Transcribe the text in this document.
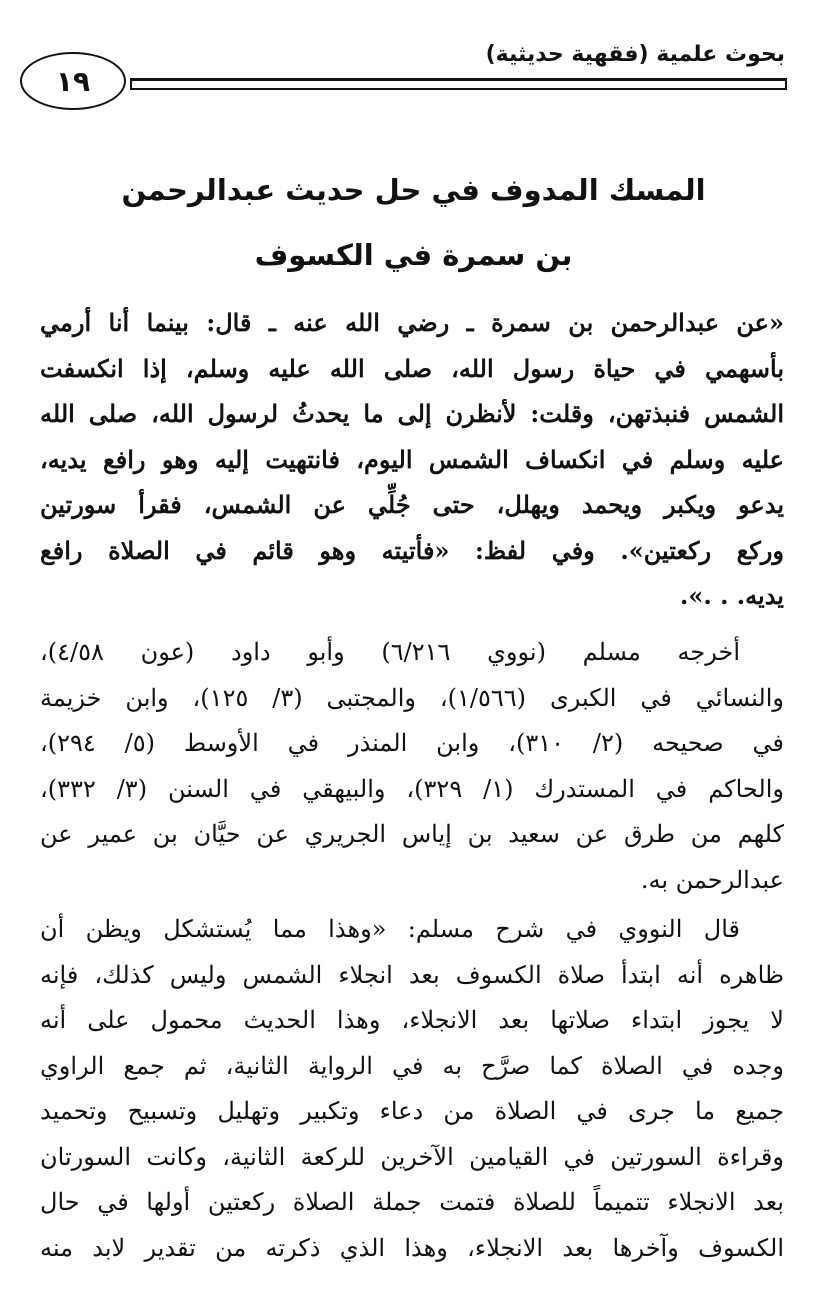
بحوث علمية (فقهية حديثية)
١٩
المسك المدوف في حل حديث عبدالرحمن
بن سمرة في الكسوف
«عن عبدالرحمن بن سمرة ـ رضي الله عنه ـ قال: بينما أنا أرمي
بأسهمي في حياة رسول الله، صلى الله عليه وسلم، إذا انكسفت
الشمس فنبذتهن، وقلت: لأنظرن إلى ما يحدثُ لرسول الله، صلى الله
عليه وسلم في انكساف الشمس اليوم، فانتهيت إليه وهو رافع يديه،
يدعو ويكبر ويحمد ويهلل، حتى جُلِّي عن الشمس، فقرأ سورتين
وركع ركعتين». وفي لفظ: «فأتيته وهو قائم في الصلاة رافع
يديه. . .».
أخرجه مسلم (نووي ٦/٢١٦) وأبو داود (عون ٤/٥٨)،
والنسائي في الكبرى (١/٥٦٦)، والمجتبى (٣/ ١٢٥)، وابن خزيمة
في صحيحه (٢/ ٣١٠)، وابن المنذر في الأوسط (٥/ ٢٩٤)،
والحاكم في المستدرك (١/ ٣٢٩)، والبيهقي في السنن (٣/ ٣٣٢)،
كلهم من طرق عن سعيد بن إياس الجريري عن حيَّان بن عمير عن
عبدالرحمن به.
قال النووي في شرح مسلم: «وهذا مما يُستشكل ويظن أن
ظاهره أنه ابتدأ صلاة الكسوف بعد انجلاء الشمس وليس كذلك، فإنه
لا يجوز ابتداء صلاتها بعد الانجلاء، وهذا الحديث محمول على أنه
وجده في الصلاة كما صرَّح به في الرواية الثانية، ثم جمع الراوي
جميع ما جرى في الصلاة من دعاء وتكبير وتهليل وتسبيح وتحميد
وقراءة السورتين في القيامين الآخرين للركعة الثانية، وكانت السورتان
بعد الانجلاء تتميماً للصلاة فتمت جملة الصلاة ركعتين أولها في حال
الكسوف وآخرها بعد الانجلاء، وهذا الذي ذكرته من تقدير لابد منه
